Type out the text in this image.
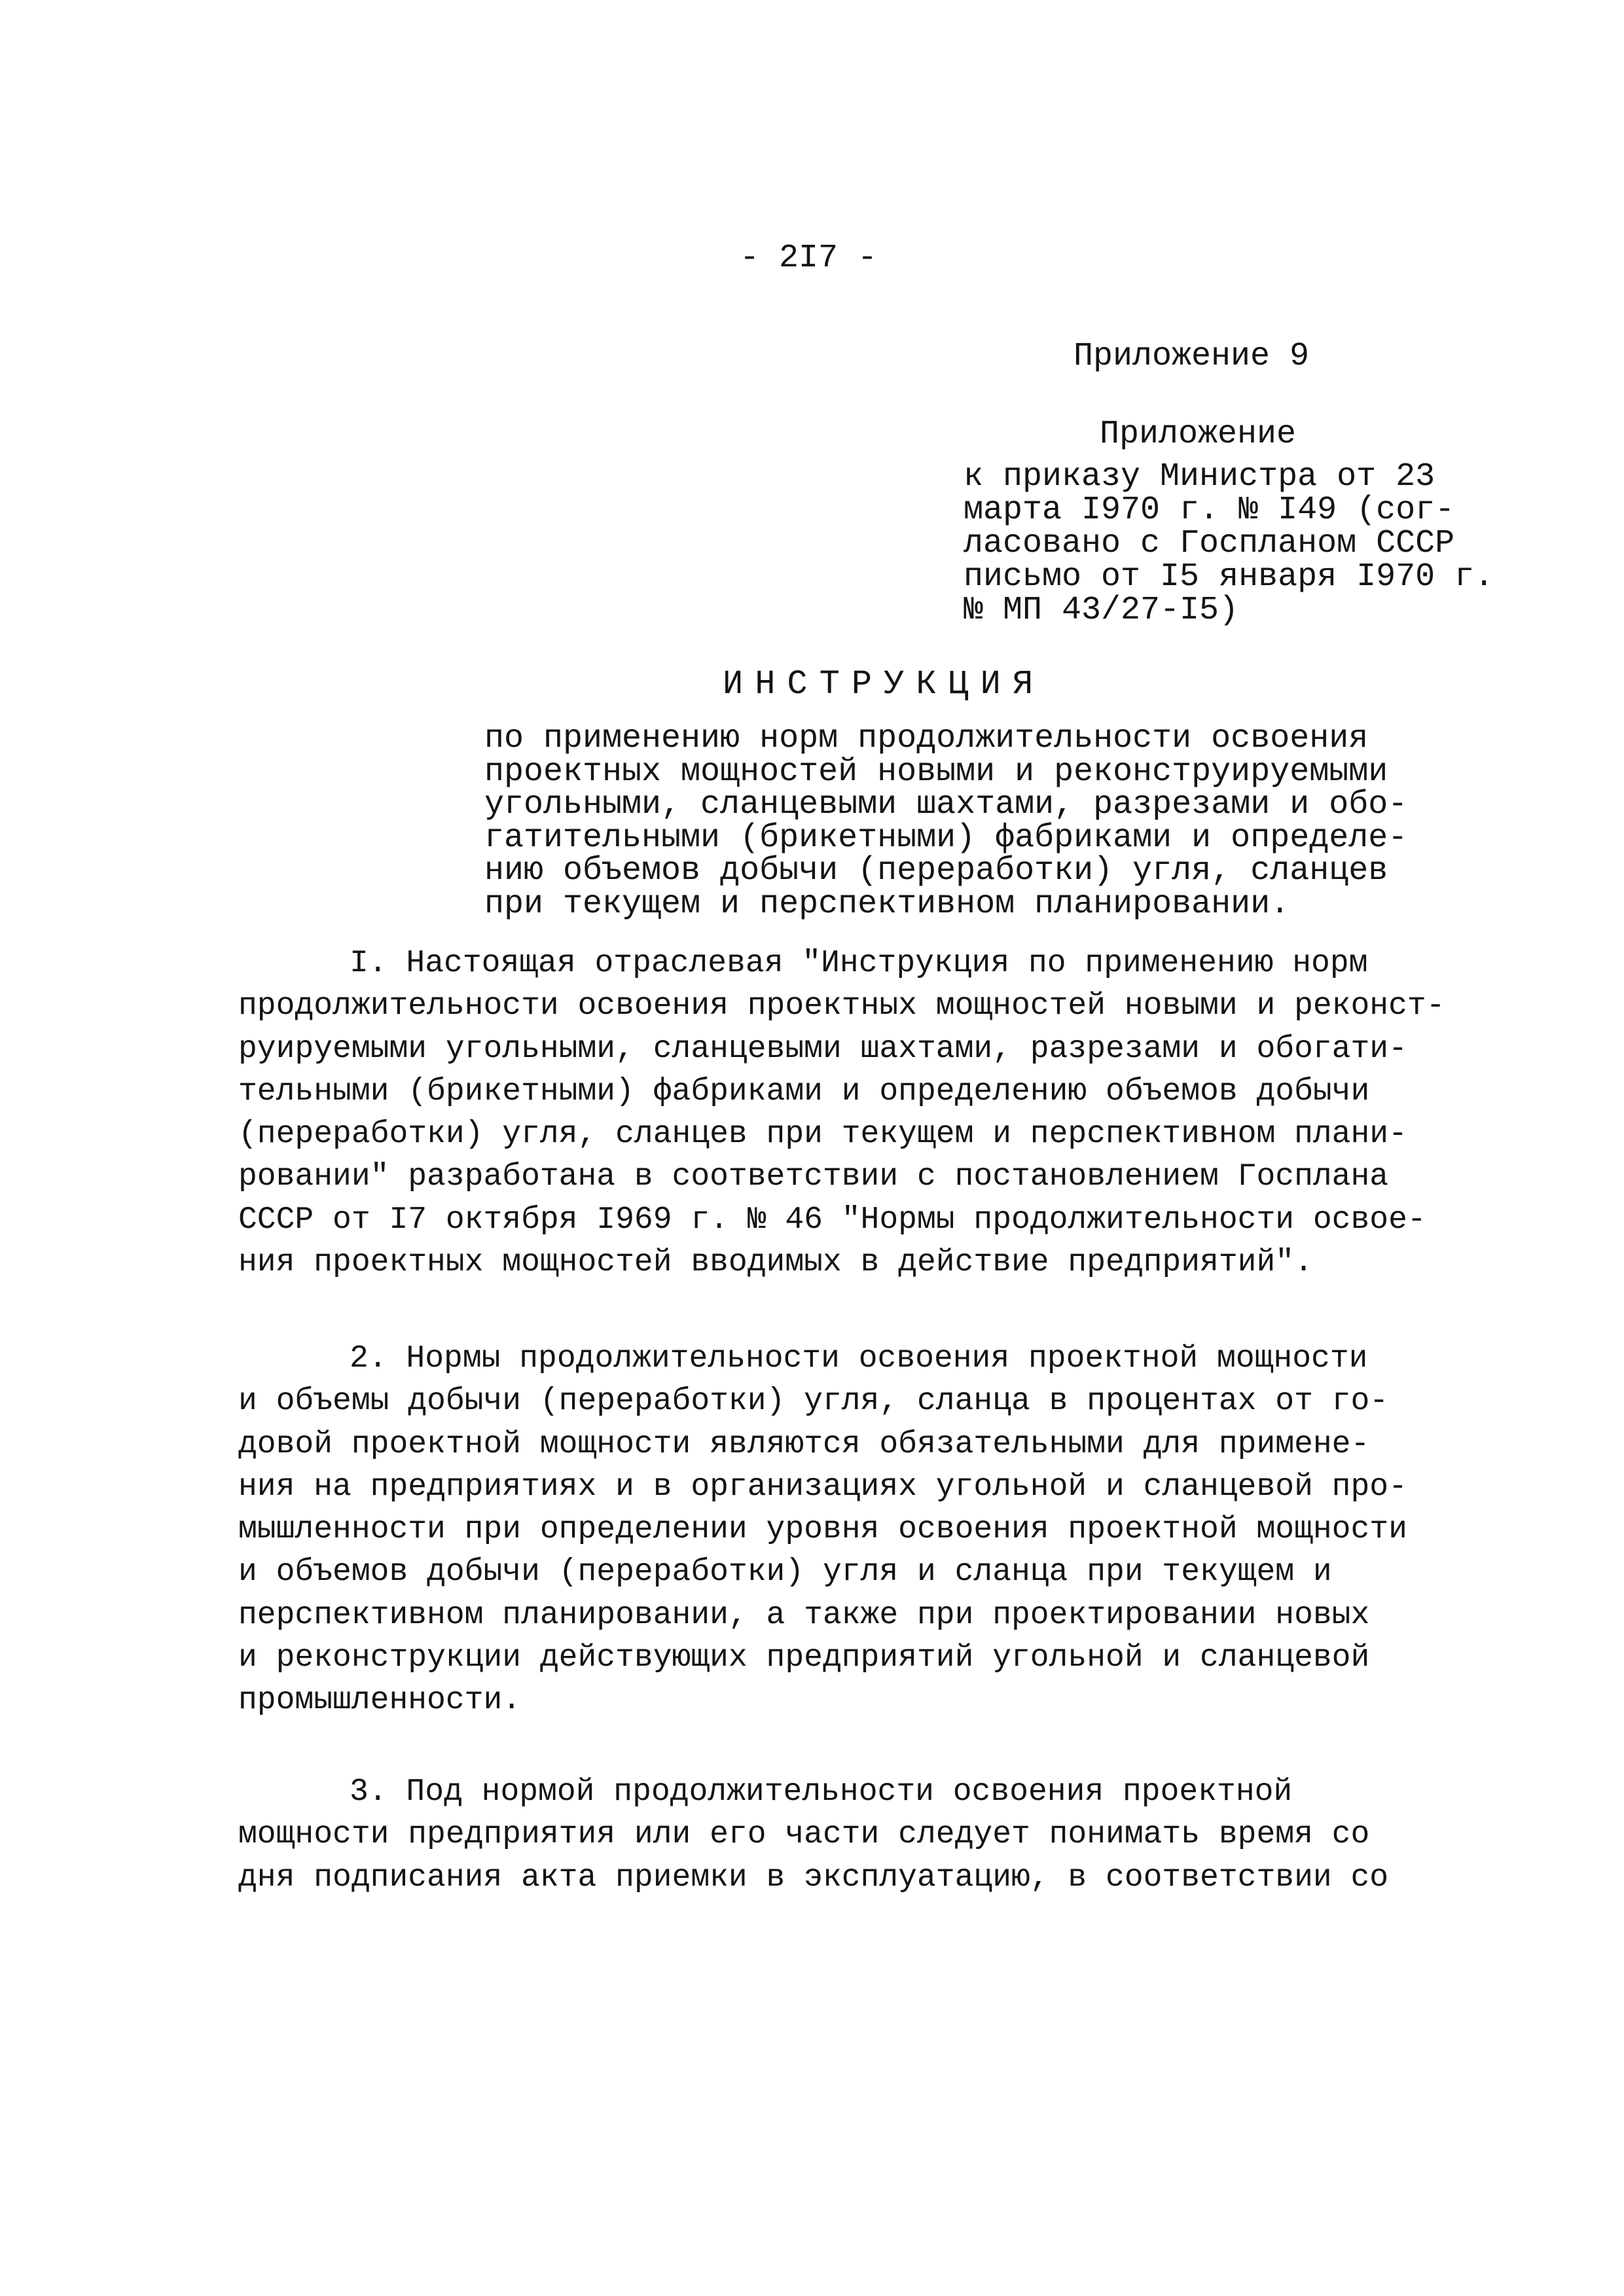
- 2I7 -
Приложение 9
Приложение
к приказу Министра от 23
марта I970 г. № I49 (сог-
ласовано с Госпланом СССР
письмо от I5 января I970 г.
№ МП 43/27-I5)
ИНСТРУКЦИЯ
по применению норм продолжительности освоения
проектных мощностей новыми и реконструируемыми
угольными, сланцевыми шахтами, разрезами и обо-
гатительными (брикетными) фабриками и определе-
нию объемов добычи (переработки) угля, сланцев
при текущем и перспективном планировании.
I. Настоящая отраслевая "Инструкция по применению норм
продолжительности освоения проектных мощностей новыми и реконст-
руируемыми угольными, сланцевыми шахтами, разрезами и обогати-
тельными (брикетными) фабриками и определению объемов добычи
(переработки) угля, сланцев при текущем и перспективном плани-
ровании" разработана в соответствии с постановлением Госплана
СССР от I7 октября I969 г. № 46 "Нормы продолжительности освое-
ния проектных мощностей вводимых в действие предприятий".
2. Нормы продолжительности освоения проектной мощности
и объемы добычи (переработки) угля, сланца в процентах от го-
довой проектной мощности являются обязательными для применe-
ния на предприятиях и в организациях угольной и сланцевой про-
мышленности при определении уровня освоения проектной мощности
и объемов добычи (переработки) угля и сланца при текущем и
перспективном планировании, а также при проектировании новых
и реконструкции действующих предприятий угольной и сланцевой
промышленности.
3. Под нормой продолжительности освоения проектной
мощности предприятия или его части следует понимать время со
дня подписания акта приемки в эксплуатацию, в соответствии со
